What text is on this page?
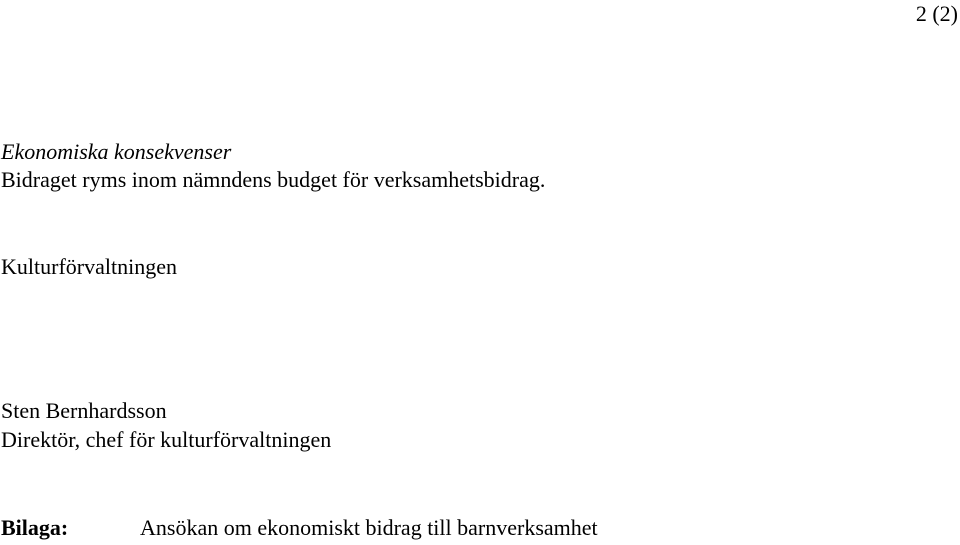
2 (2)
Ekonomiska konsekvenser
Bidraget ryms inom nämndens budget för verksamhetsbidrag.
Kulturförvaltningen
Sten Bernhardsson
Direktör, chef för kulturförvaltningen
Bilaga:	Ansökan om ekonomiskt bidrag till barnverksamhet
